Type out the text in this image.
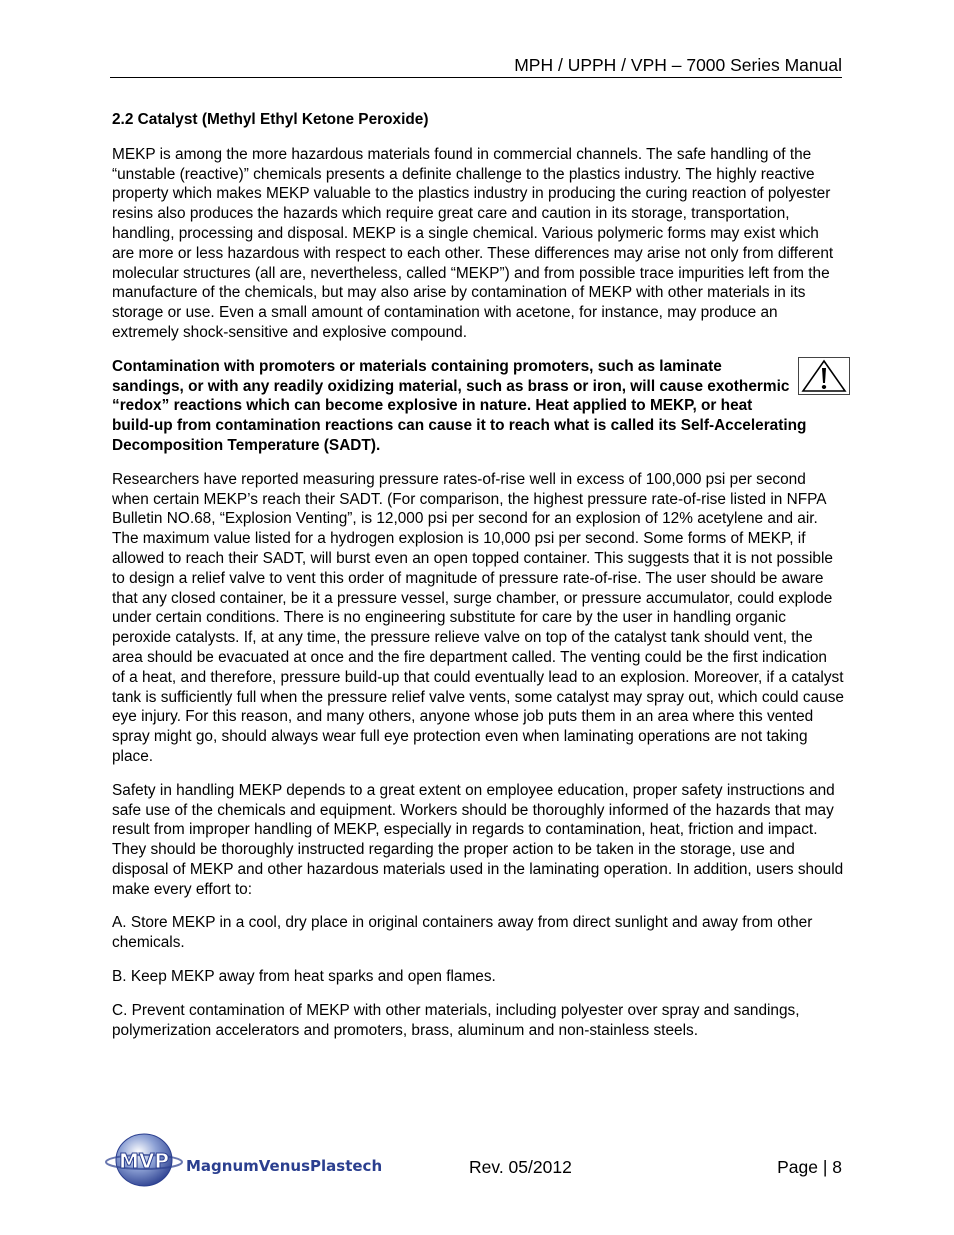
MPH / UPPH / VPH – 7000 Series Manual

2.2 Catalyst (Methyl Ethyl Ketone Peroxide)

MEKP is among the more hazardous materials found in commercial channels. The safe handling of the “unstable (reactive)” chemicals presents a definite challenge to the plastics industry. The highly reactive property which makes MEKP valuable to the plastics industry in producing the curing reaction of polyester resins also produces the hazards which require great care and caution in its storage, transportation, handling, processing and disposal. MEKP is a single chemical. Various polymeric forms may exist which are more or less hazardous with respect to each other. These differences may arise not only from different molecular structures (all are, nevertheless, called “MEKP”) and from possible trace impurities left from the manufacture of the chemicals, but may also arise by contamination of MEKP with other materials in its storage or use. Even a small amount of contamination with acetone, for instance, may produce an extremely shock-sensitive and explosive compound.

Contamination with promoters or materials containing promoters, such as laminate sandings, or with any readily oxidizing material, such as brass or iron, will cause exothermic “redox” reactions which can become explosive in nature. Heat applied to MEKP, or heat build-up from contamination reactions can cause it to reach what is called its Self-Accelerating Decomposition Temperature (SADT).

Researchers have reported measuring pressure rates-of-rise well in excess of 100,000 psi per second when certain MEKP’s reach their SADT. (For comparison, the highest pressure rate-of-rise listed in NFPA Bulletin NO.68, “Explosion Venting”, is 12,000 psi per second for an explosion of 12% acetylene and air. The maximum value listed for a hydrogen explosion is 10,000 psi per second. Some forms of MEKP, if allowed to reach their SADT, will burst even an open topped container. This suggests that it is not possible to design a relief valve to vent this order of magnitude of pressure rate-of-rise. The user should be aware that any closed container, be it a pressure vessel, surge chamber, or pressure accumulator, could explode under certain conditions. There is no engineering substitute for care by the user in handling organic peroxide catalysts. If, at any time, the pressure relieve valve on top of the catalyst tank should vent, the area should be evacuated at once and the fire department called. The venting could be the first indication of a heat, and therefore, pressure build-up that could eventually lead to an explosion. Moreover, if a catalyst tank is sufficiently full when the pressure relief valve vents, some catalyst may spray out, which could cause eye injury. For this reason, and many others, anyone whose job puts them in an area where this vented spray might go, should always wear full eye protection even when laminating operations are not taking place.

Safety in handling MEKP depends to a great extent on employee education, proper safety instructions and safe use of the chemicals and equipment. Workers should be thoroughly informed of the hazards that may result from improper handling of MEKP, especially in regards to contamination, heat, friction and impact. They should be thoroughly instructed regarding the proper action to be taken in the storage, use and disposal of MEKP and other hazardous materials used in the laminating operation. In addition, users should make every effort to:

A. Store MEKP in a cool, dry place in original containers away from direct sunlight and away from other chemicals.

B. Keep MEKP away from heat sparks and open flames.

C. Prevent contamination of MEKP with other materials, including polyester over spray and sandings, polymerization accelerators and promoters, brass, aluminum and non-stainless steels.

MVP MagnumVenusPlastech	Rev. 05/2012	Page | 8
